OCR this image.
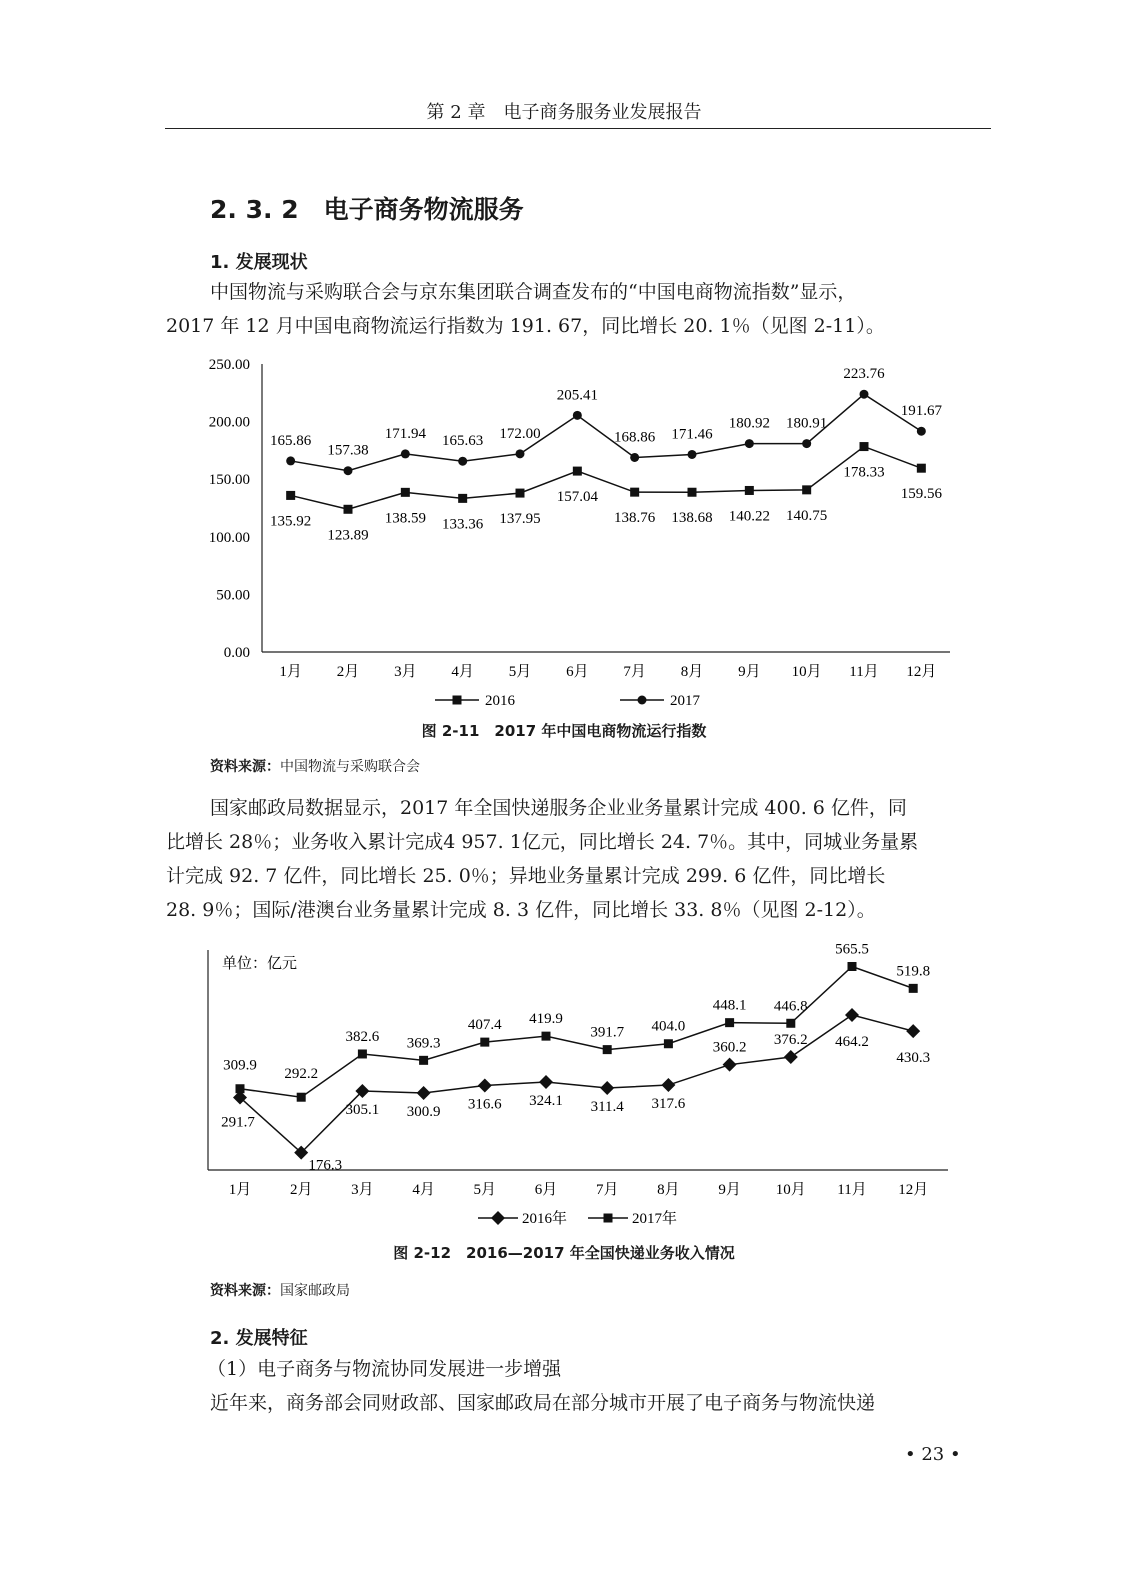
第 2 章　电子商务服务业发展报告
2. 3. 2　电子商务物流服务
1. 发展现状
中国物流与采购联合会与京东集团联合调查发布的“中国电商物流指数”显示，
2017 年 12 月中国电商物流运行指数为 191. 67，同比增长 20. 1％（见图 2-11）。
0.00
50.00
100.00
150.00
200.00
250.00
1月 2月 3月 4月 5月 6月 7月 8月 9月 10月 11月 12月
135.92
123.89
138.59 133.36 137.95
157.04
138.76 138.68 140.22 140.75
178.33
159.56
165.86
157.38
171.94 165.63 172.00
205.41
168.86 171.46
180.92 180.91
223.76
191.67
2016	2017
图 2-11　2017 年中国电商物流运行指数
资料来源：中国物流与采购联合会
国家邮政局数据显示，2017 年全国快递服务企业业务量累计完成 400. 6 亿件，同
比增长 28％；业务收入累计完成4 957. 1亿元，同比增长 24. 7％。其中，同城业务量累
计完成 92. 7 亿件，同比增长 25. 0％；异地业务量累计完成 299. 6 亿件，同比增长
28. 9％；国际/港澳台业务量累计完成 8. 3 亿件，同比增长 33. 8％（见图 2-12）。
单位：亿元
1月	2月	3月	4月	5月	6月	7月	8月	9月 10月 11月 12月
291.7
176.3
305.1 300.9 316.6 324.1 311.4 317.6
360.2 376.2 464.2
430.3
309.9
292.2
382.6 369.3
407.4 419.9
391.7 404.0
448.1 446.8
565.5
519.8
2016年	2017年
图 2-12　2016—2017 年全国快递业务收入情况
资料来源：国家邮政局
2. 发展特征
（1）电子商务与物流协同发展进一步增强
近年来，商务部会同财政部、国家邮政局在部分城市开展了电子商务与物流快递
• 23 •
